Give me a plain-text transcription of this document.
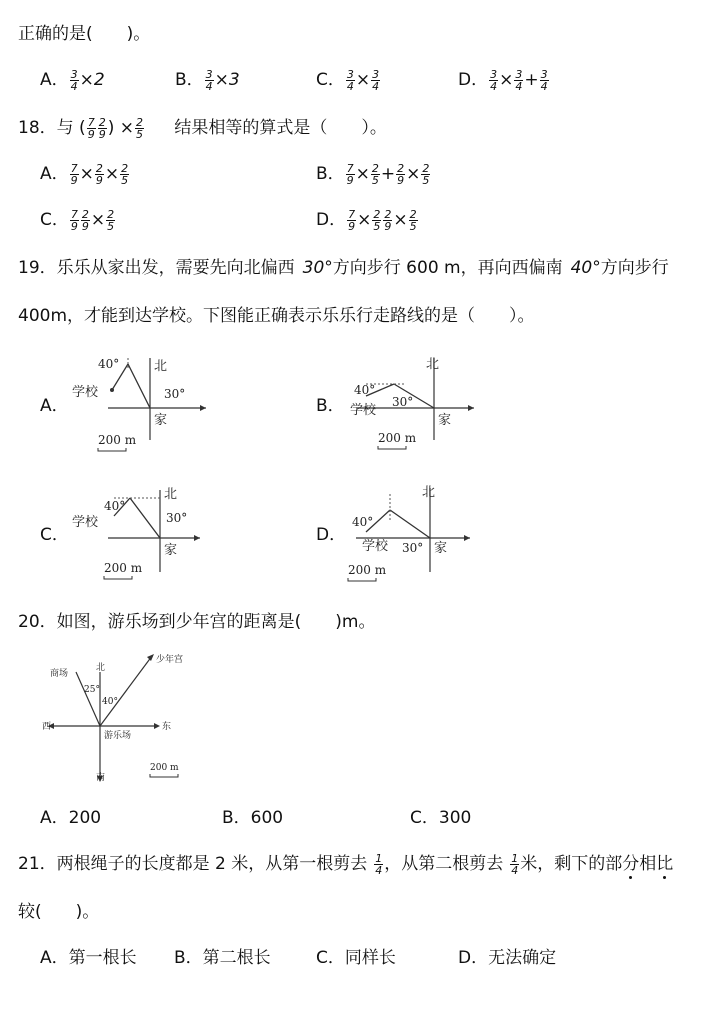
正确的是(　　)。
A． $\frac{3}{4} \times 2$	B． $\frac{3}{4} \times 3$	C． $\frac{3}{4} \times \frac{3}{4}$	D． $\frac{3}{4} \times \frac{3}{4} + \frac{3}{4}$
18．与 ( $\frac{7}{9} \frac{2}{9}$ ) × $\frac{2}{5}$ 结果相等的算式是（　　）。
A． $\frac{7}{9} \times \frac{2}{9} \times \frac{2}{5}$	B． $\frac{7}{9} \times \frac{2}{5} + \frac{2}{9} \times \frac{2}{5}$
C． $\frac{7}{9} \frac{2}{9} \times \frac{2}{5}$	D． $\frac{7}{9} \times \frac{2}{5} \frac{2}{9} \times \frac{2}{5}$
19．乐乐从家出发，需要先向北偏西 30°方向步行 600 m，再向西偏南 40°方向步行
400m，才能到达学校。下图能正确表示乐乐行走路线的是（　　）。
A．	B．
C．	D．
40°	北
30°
学校
家
200 m
40°
北
30°
学校
家
200 m
40°
北
30°
学校
家
200 m
40°
北
30°
学校	家
200 m
20．如图，游乐场到少年宫的距离是(　　)m。
商场
北
少年宫
25°
40°
西	东
游乐场
南
200 m
A．200	B．600	C．300
21．两根绳子的长度都是 2 米，从第一根剪去 $\frac{1}{4}$ ，从第二根剪去 $\frac{1}{4}$ 米，剩下的部分相比
较(　　)。
A．第一根长 B．第二根长	C．同样长	D．无法确定
